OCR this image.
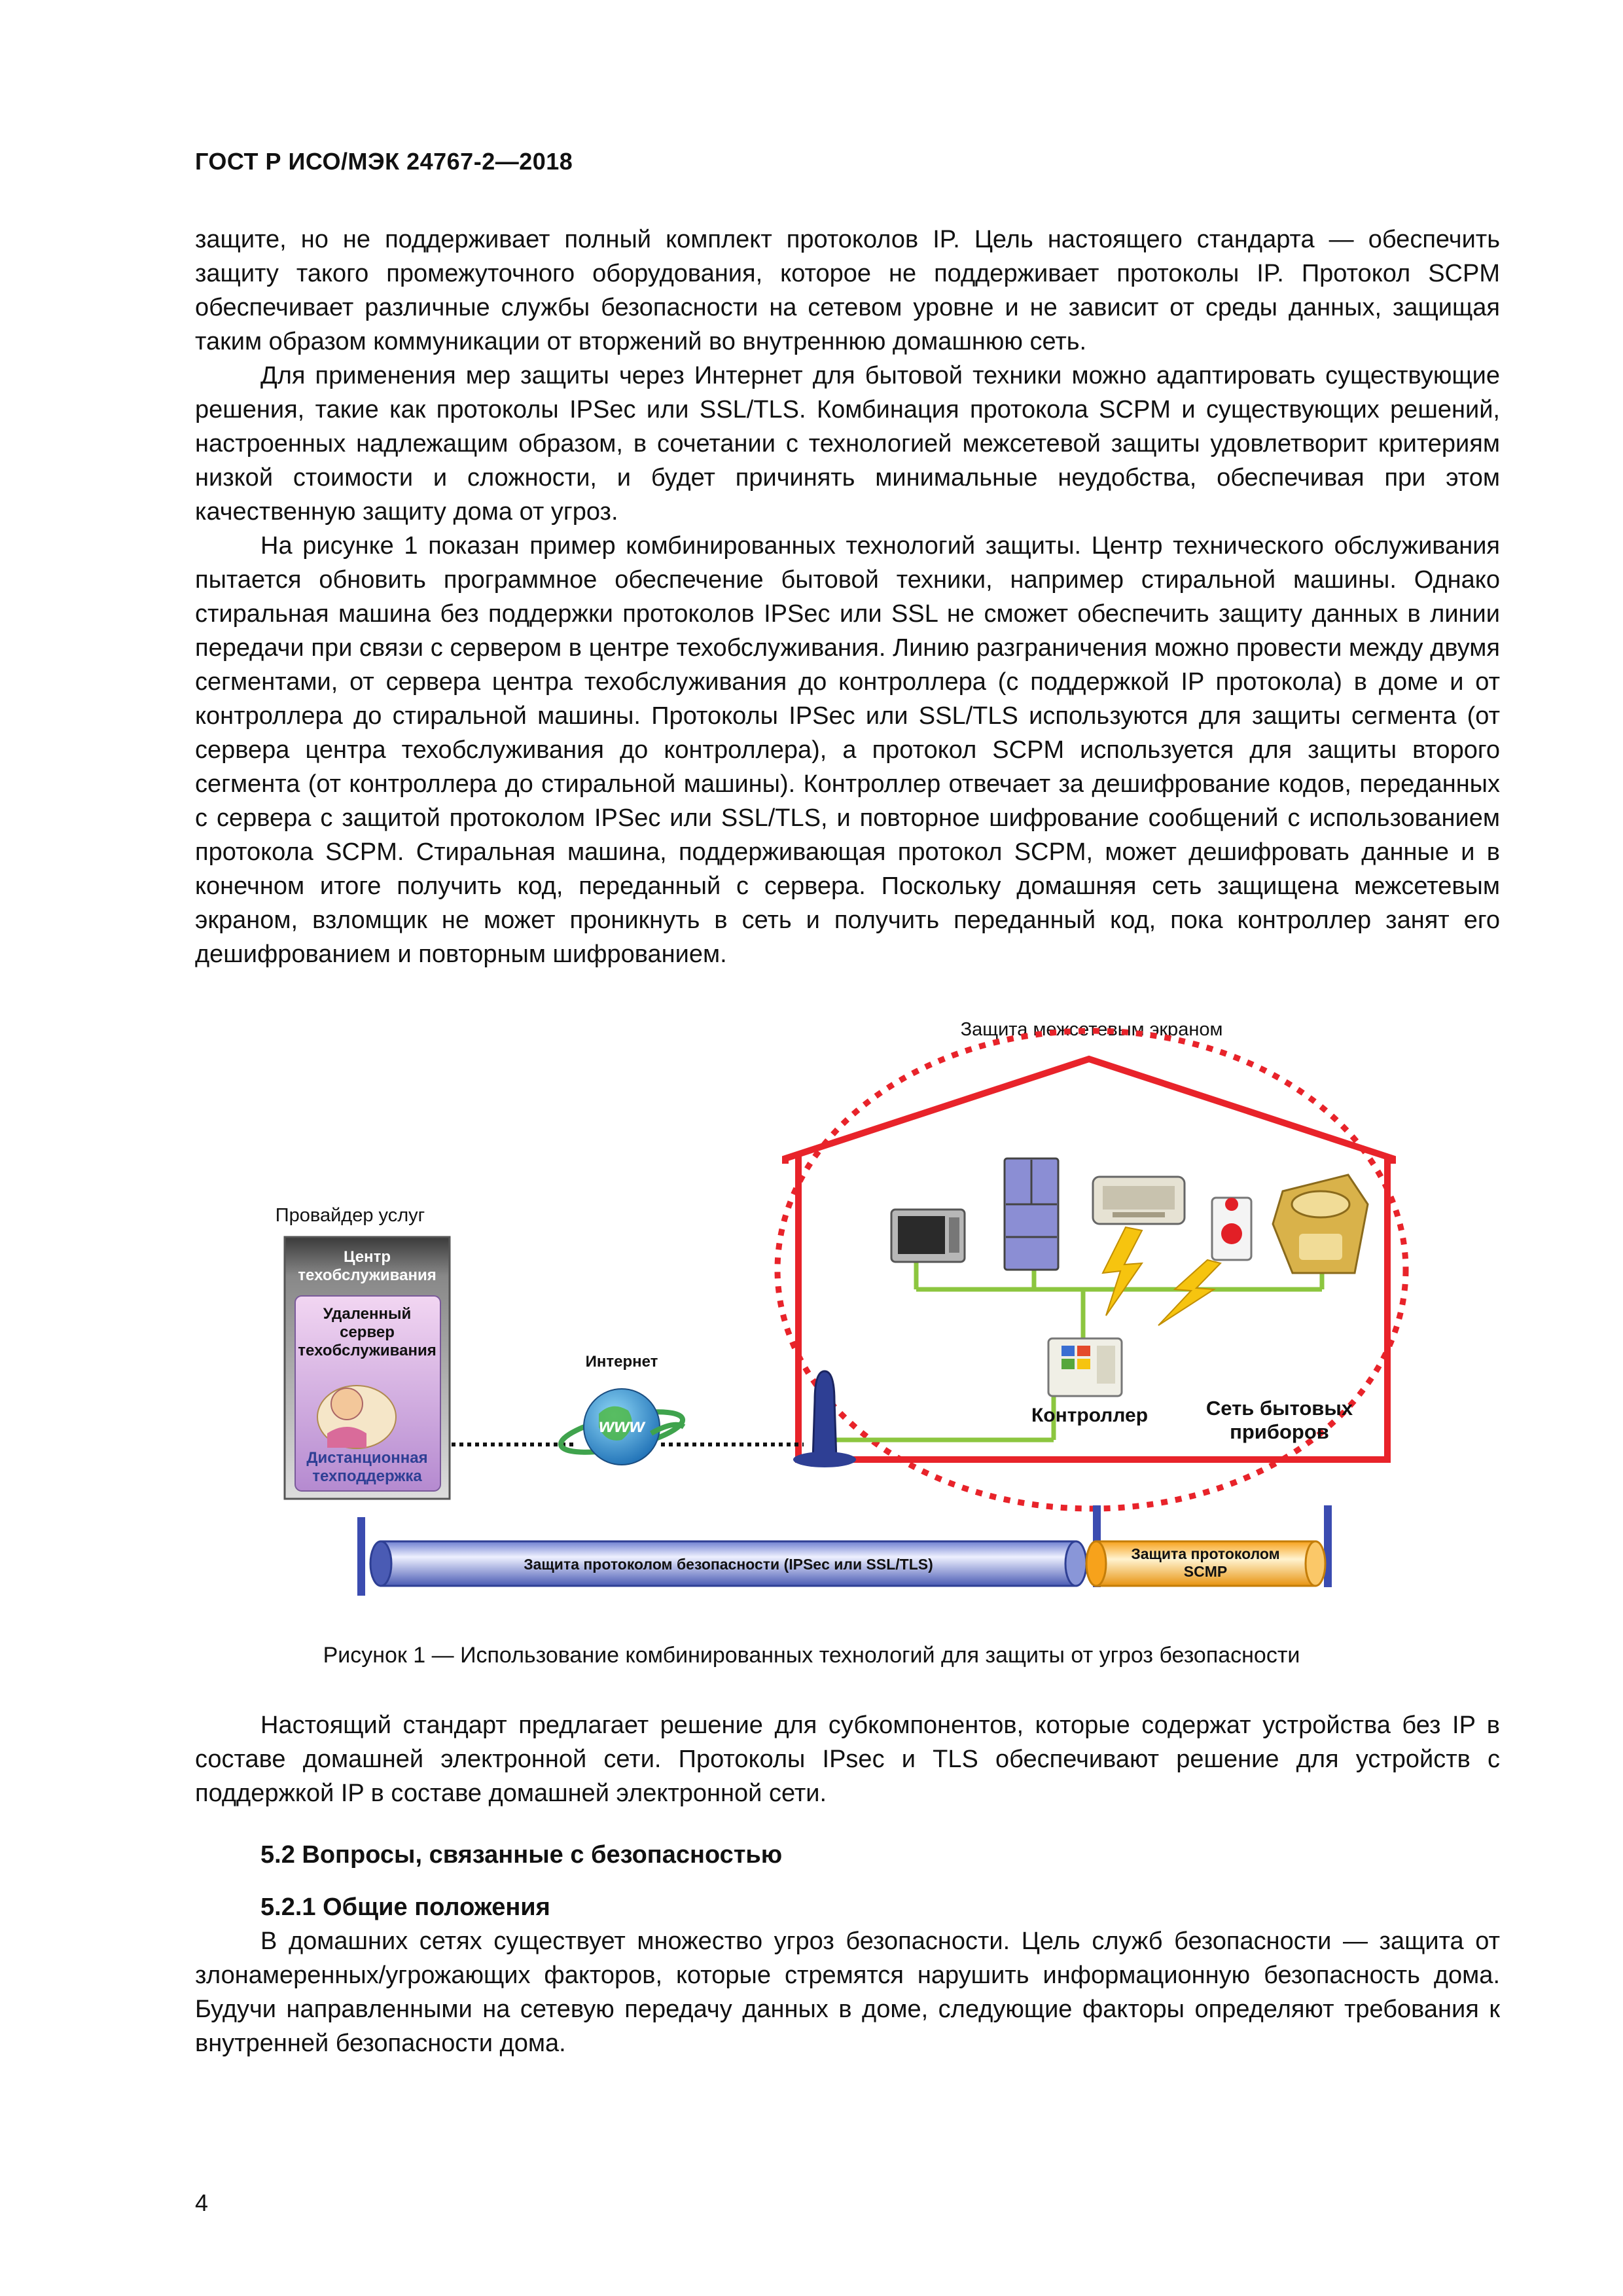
ГОСТ Р ИСО/МЭК 24767-2—2018

защите, но не поддерживает полный комплект протоколов IP. Цель настоящего стандарта — обеспечить защиту такого промежуточного оборудования, которое не поддерживает протоколы IP. Протокол SCPM обеспечивает различные службы безопасности на сетевом уровне и не зависит от среды данных, защищая таким образом коммуникации от вторжений во внутреннюю домашнюю сеть.

Для применения мер защиты через Интернет для бытовой техники можно адаптировать существующие решения, такие как протоколы IPSec или SSL/TLS. Комбинация протокола SCPM и существующих решений, настроенных надлежащим образом, в сочетании с технологией межсетевой защиты удовлетворит критериям низкой стоимости и сложности, и будет причинять минимальные неудобства, обеспечивая при этом качественную защиту дома от угроз.

На рисунке 1 показан пример комбинированных технологий защиты. Центр технического обслуживания пытается обновить программное обеспечение бытовой техники, например стиральной машины. Однако стиральная машина без поддержки протоколов IPSec или SSL не сможет обеспечить защиту данных в линии передачи при связи с сервером в центре техобслуживания. Линию разграничения можно провести между двумя сегментами, от сервера центра техобслуживания до контроллера (с поддержкой IP протокола) в доме и от контроллера до стиральной машины. Протоколы IPSec или SSL/TLS используются для защиты сегмента (от сервера центра техобслуживания до контроллера), а протокол SCPM используется для защиты второго сегмента (от контроллера до стиральной машины). Контроллер отвечает за дешифрование кодов, переданных с сервера с защитой протоколом IPSec или SSL/TLS, и повторное шифрование сообщений с использованием протокола SCPM. Стиральная машина, поддерживающая протокол SCPM, может дешифровать данные и в конечном итоге получить код, переданный с сервера. Поскольку домашняя сеть защищена межсетевым экраном, взломщик не может проникнуть в сеть и получить переданный код, пока контроллер занят его дешифрованием и повторным шифрованием.

Защита межсетевым экраном
Контроллер	Сеть бытовых приборов
Провайдер услуг
Центр техобслуживания
Удаленный сервер техобслуживания
Дистанционная техподдержка
Интернет
www
Защита протоколом безопасности (IPSec или SSL/TLS)
Защита протоколом SCMP
Рисунок 1 — Использование комбинированных технологий для защиты от угроз безопасности

Настоящий стандарт предлагает решение для субкомпонентов, которые содержат устройства без IP в составе домашней электронной сети. Протоколы IPsec и TLS обеспечивают решение для устройств с поддержкой IP в составе домашней электронной сети.

5.2 Вопросы, связанные с безопасностью

5.2.1 Общие положения

В домашних сетях существует множество угроз безопасности. Цель служб безопасности — защита от злонамеренных/угрожающих факторов, которые стремятся нарушить информационную безопасность дома. Будучи направленными на сетевую передачу данных в доме, следующие факторы определяют требования к внутренней безопасности дома.

4
